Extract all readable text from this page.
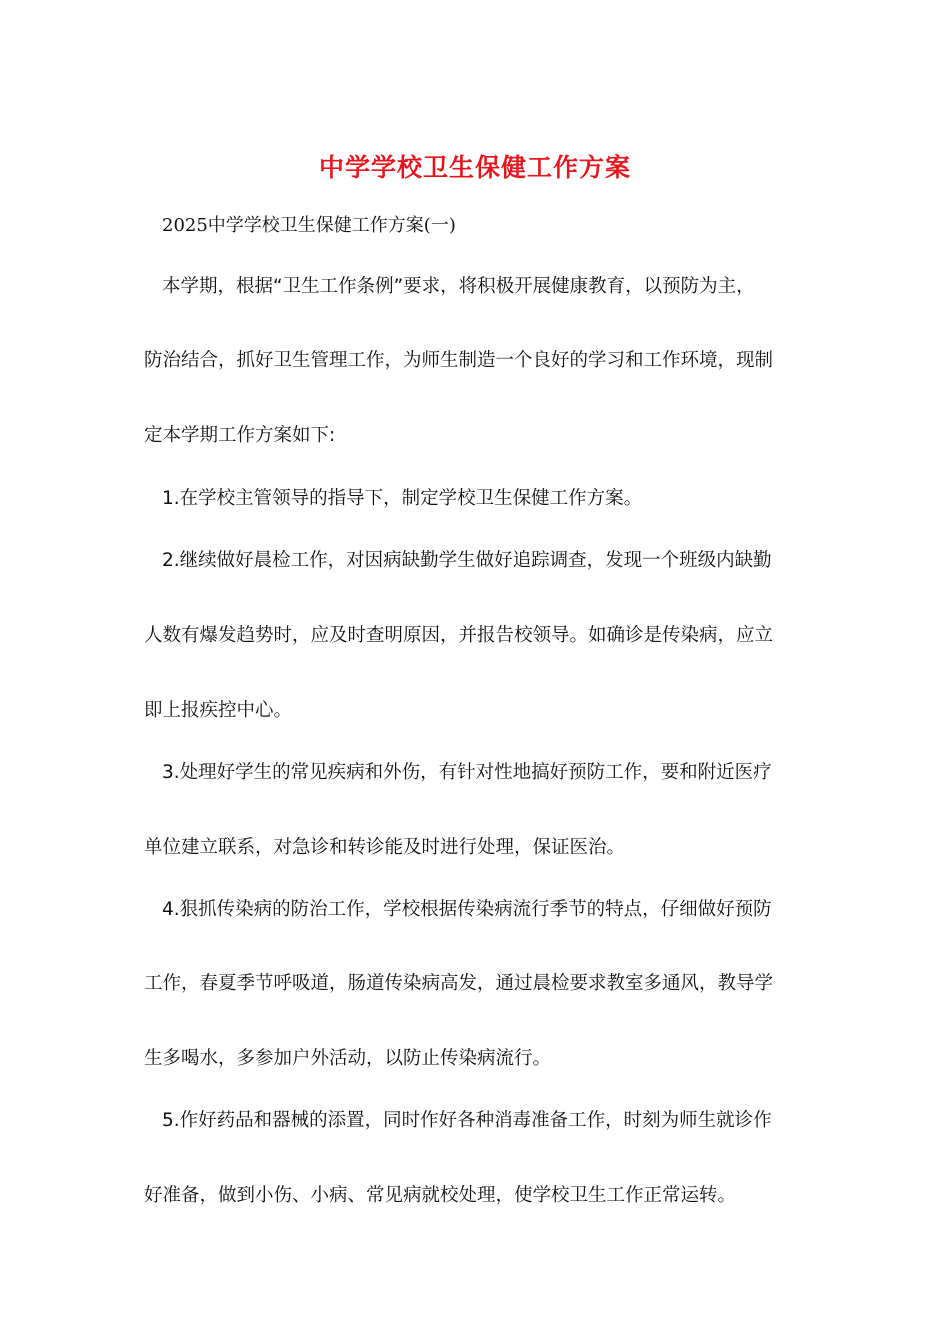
中学学校卫生保健工作方案
2025中学学校卫生保健工作方案(一)
本学期，根据“卫生工作条例”要求，将积极开展健康教育，以预防为主，
防治结合，抓好卫生管理工作，为师生制造一个良好的学习和工作环境，现制
定本学期工作方案如下:
1.在学校主管领导的指导下，制定学校卫生保健工作方案。
2.继续做好晨检工作，对因病缺勤学生做好追踪调查，发现一个班级内缺勤
人数有爆发趋势时，应及时查明原因，并报告校领导。如确诊是传染病，应立
即上报疾控中心。
3.处理好学生的常见疾病和外伤，有针对性地搞好预防工作，要和附近医疗
单位建立联系，对急诊和转诊能及时进行处理，保证医治。
4.狠抓传染病的防治工作，学校根据传染病流行季节的特点，仔细做好预防
工作，春夏季节呼吸道，肠道传染病高发，通过晨检要求教室多通风，教导学
生多喝水，多参加户外活动，以防止传染病流行。
5.作好药品和器械的添置，同时作好各种消毒准备工作，时刻为师生就诊作
好准备，做到小伤、小病、常见病就校处理，使学校卫生工作正常运转。
